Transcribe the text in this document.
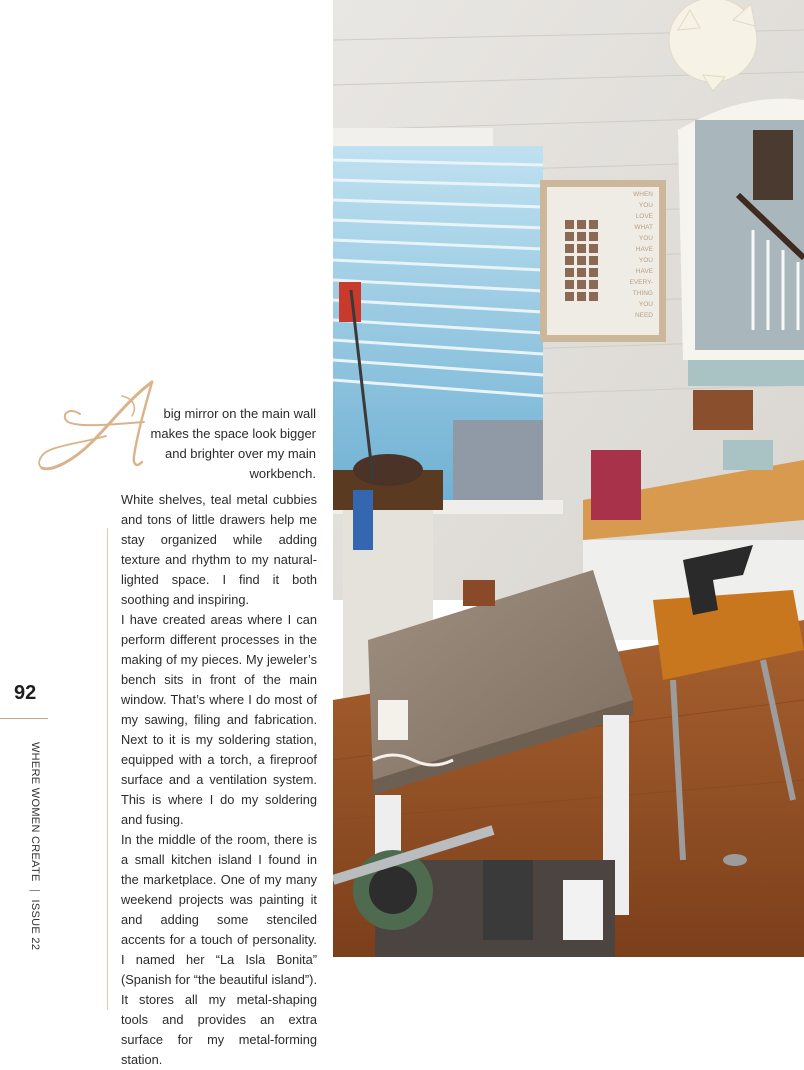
92
WHERE WOMEN CREATE | ISSUE 22
big mirror on the main wall makes the space look bigger and brighter over my main workbench.

White shelves, teal metal cubbies and tons of little drawers help me stay organized while adding texture and rhythm to my natural-lighted space. I find it both soothing and inspiring.

I have created areas where I can perform different processes in the making of my pieces. My jeweler’s bench sits in front of the main window. That’s where I do most of my sawing, filing and fabrication. Next to it is my soldering station, equipped with a torch, a fireproof surface and a ventilation system. This is where I do my soldering and fusing.

In the middle of the room, there is a small kitchen island I found in the marketplace. One of my many weekend projects was painting it and adding some stenciled accents for a touch of personality. I named her “La Isla Bonita” (Spanish for “the beautiful island”). It stores all my metal-shaping tools and provides an extra surface for my metal-forming station.

WHEN
YOU
LOVE
WHAT
YOU
HAVE
YOU
HAVE
EVERY-
THING
YOU
NEED
